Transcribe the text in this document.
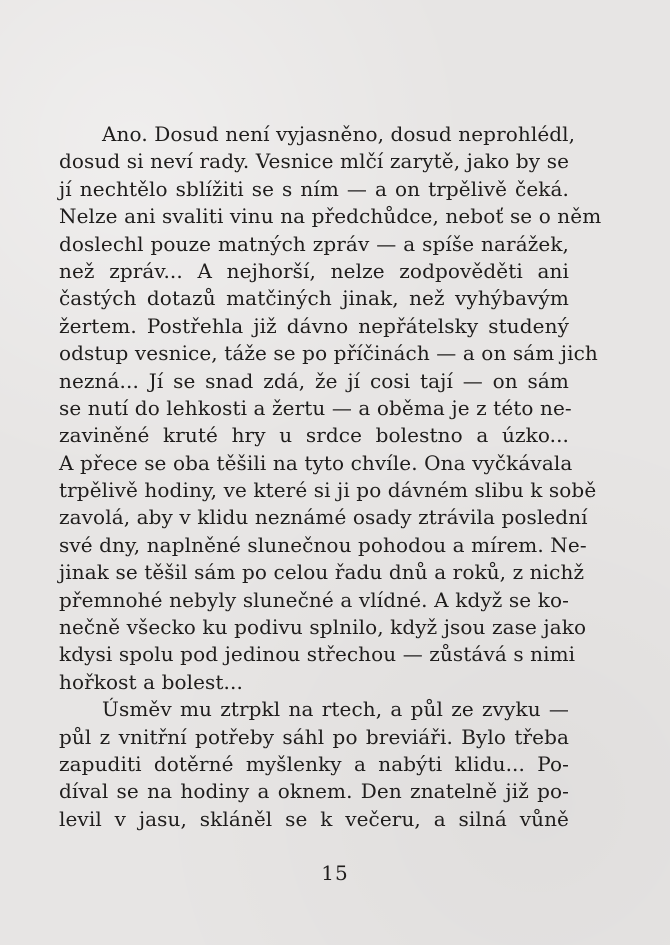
Ano. Dosud není vyjasněno, dosud neprohlédl,
dosud si neví rady. Vesnice mlčí zarytě, jako by se
jí nechtělo sblížiti se s ním — a on trpělivě čeká.
Nelze ani svaliti vinu na předchůdce, neboť se o něm
doslechl pouze matných zpráv — a spíše narážek,
než zpráv... A nejhorší, nelze zodpověděti ani
častých dotazů matčiných jinak, než vyhýbavým
žertem. Postřehla již dávno nepřátelsky studený
odstup vesnice, táže se po příčinách — a on sám jich
nezná... Jí se snad zdá, že jí cosi tají — on sám
se nutí do lehkosti a žertu — a oběma je z této ne-
zaviněné kruté hry u srdce bolestno a úzko...
A přece se oba těšili na tyto chvíle. Ona vyčkávala
trpělivě hodiny, ve které si ji po dávném slibu k sobě
zavolá, aby v klidu neznámé osady ztrávila poslední
své dny, naplněné slunečnou pohodou a mírem. Ne-
jinak se těšil sám po celou řadu dnů a roků, z nichž
přemnohé nebyly slunečné a vlídné. A když se ko-
nečně všecko ku podivu splnilo, když jsou zase jako
kdysi spolu pod jedinou střechou — zůstává s nimi
hořkost a bolest...
Úsměv mu ztrpkl na rtech, a půl ze zvyku —
půl z vnitřní potřeby sáhl po breviáři. Bylo třeba
zapuditi dotěrné myšlenky a nabýti klidu... Po-
díval se na hodiny a oknem. Den znatelně již po-
levil v jasu, skláněl se k večeru, a silná vůně
15
